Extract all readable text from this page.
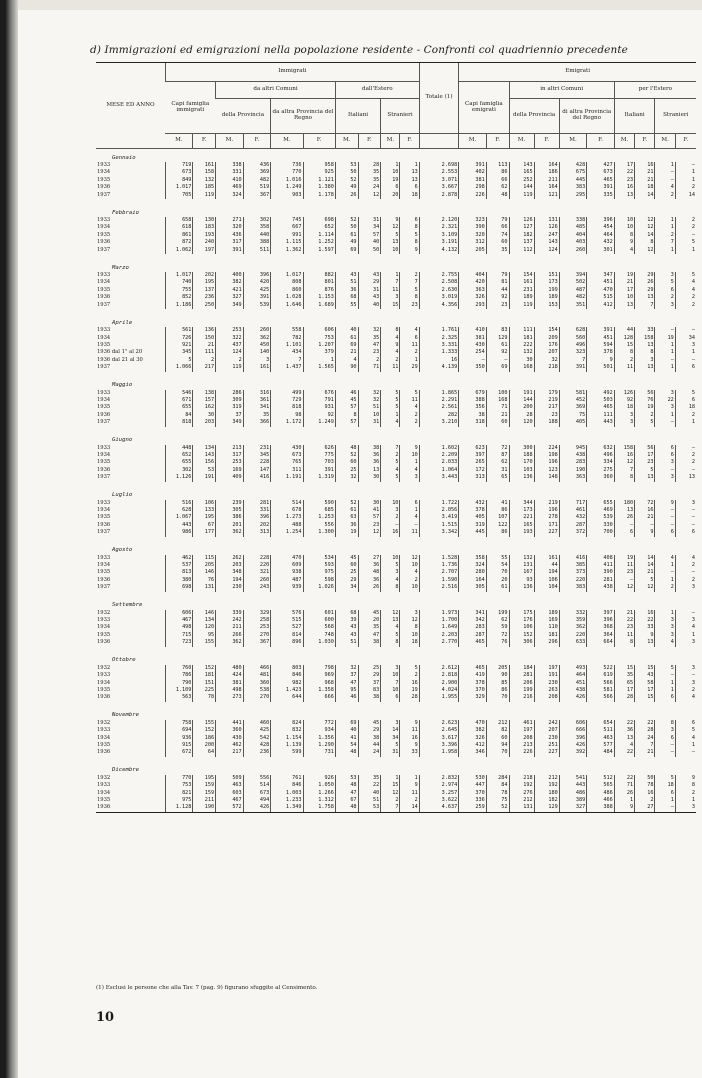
d) Immigrazioni ed emigrazioni nella popolazione residente - Confronti col quadriennio precedente
MESE ED ANNO	Immigrati										Totale (1)	Emigrati									
	Capi famiglia immigrati		da altri Comuni				dall'Estero					Capi famiglia emigrati		in altri Comuni				per l'Estero			
			della Provincia		da altra Provincia del Regno		Italiani		Stranieri					della Provincia		di altra Provincia del Regno		Italiani		Stranieri	
	M.	F.	M.	F.	M.	F.	M.	F.	M.	F.		M.	F.	M.	F.	M.	F.	M.	F.	M.	F.
Gennaio																					
1933	719	161	338	436	736	958	53	28	1	1	2.698	391	113	143	164	428	427	17	16	1	—
1934	673	158	331	369	770	925	50	35	10	13	2.553	402	86	165	186	675	673	22	21	—	1
1935	849	132	410	482	1.016	1.121	52	35	19	13	3.071	381	66	252	211	445	465	23	21	—	1
1936	1.017	185	469	519	1.249	1.380	49	24	6	6	3.667	298	62	144	164	383	391	16	18	4	2
1937	705	119	324	367	903	1.178	26	12	20	18	2.878	226	48	119	121	295	335	13	14	2	14

Febbraio																					
1933	658	130	271	302	745	698	52	31	9	6	2.120	323	79	126	131	338	396	10	12	1	2
1934	618	183	320	358	667	652	50	34	12	8	2.321	390	66	127	126	485	454	10	12	1	2
1935	861	193	436	440	991	1.114	61	57	5	5	3.109	320	74	182	247	404	464	8	14	2	—
1936	872	240	317	388	1.115	1.252	49	40	13	8	3.191	312	60	137	143	403	432	9	8	7	5
1937	1.062	197	391	511	1.362	1.597	69	50	10	9	4.132	205	35	112	124	260	301	4	12	1	1

Marzo																					
1933	1.017	202	400	396	1.017	882	43	43	1	2	2.755	404	79	154	151	394	347	19	29	3	5
1934	740	195	382	420	808	801	51	29	7	7	2.508	420	81	161	173	502	451	21	26	5	4
1935	755	137	421	425	860	876	36	31	11	5	2.630	363	44	231	199	487	470	17	29	6	4
1936	852	236	327	391	1.028	1.153	68	43	3	8	3.019	326	92	189	189	482	515	10	13	2	2
1937	1.186	250	349	539	1.646	1.689	55	40	15	23	4.356	293	23	119	153	351	412	13	7	3	2

Aprile																					
1933	561	136	253	260	558	606	40	32	8	4	1.761	410	83	111	154	628	391	44	33	—	—
1934	726	150	322	362	782	753	61	35	4	6	2.325	381	129	181	209	560	451	128	158	19	34
1935	921	21	437	450	1.101	1.207	69	47	9	11	3.331	430	61	222	176	496	594	15	13	1	3
1936 dal 1° al 20	345	111	124	140	434	379	21	23	4	2	1.333	254	92	132	207	323	378	8	8	1	1
1936 dal 21 al 30	5	2	2	3	7	1	4	2	2	1	16	—	—	30	32	7	9	2	3	—	—
1937	1.066	217	119	161	1.437	1.565	90	71	11	29	4.139	350	69	168	218	391	501	11	13	1	6

Maggio																					
1933	546	138	286	316	499	676	46	32	5	5	1.865	679	100	191	179	581	492	126	56	3	5
1934	671	157	309	361	729	791	45	32	5	11	2.291	388	168	144	219	452	503	92	76	22	6
1935	655	162	319	341	818	931	57	51	5	4	2.561	356	71	200	217	369	465	18	19	3	18
1936	84	30	37	35	98	92	8	10	1	2	282	38	21	28	23	75	111	3	2	1	2
1937	818	203	349	366	1.172	1.249	57	31	4	2	3.210	318	60	120	188	405	443	3	5	—	1

Giugno																					
1933	448	134	213	231	430	626	48	38	7	9	1.602	623	72	300	224	945	632	158	56	6	—
1934	652	143	317	345	673	775	52	36	2	10	2.209	397	87	188	198	438	496	16	17	6	2
1935	655	156	253	228	765	703	60	36	5	1	2.033	265	62	170	196	283	334	12	23	3	2
1936	302	53	169	147	311	391	25	13	4	4	1.064	172	31	103	123	190	275	7	5	—	—
1937	1.126	191	409	416	1.191	1.319	32	30	5	3	3.443	313	65	136	148	363	360	8	13	3	13

Luglio																					
1933	516	106	239	281	514	590	52	30	10	6	1.722	432	41	344	219	717	655	180	72	9	3
1934	628	133	305	331	678	685	61	41	3	1	2.056	378	86	173	196	461	469	13	16	—	—
1935	1.067	195	386	396	1.273	1.253	63	57	2	4	3.419	405	107	221	278	432	539	26	21	—	—
1936	443	67	201	202	488	556	36	23	—	—	1.515	319	122	165	171	287	330	—	—	—	—
1937	986	177	362	313	1.254	1.300	19	12	16	11	3.342	445	86	193	227	372	700	6	9	6	6

Agosto																					
1933	462	115	262	228	470	534	45	27	10	12	1.528	358	55	132	161	416	408	19	14	4	4
1934	537	205	203	220	609	593	60	36	5	10	1.736	324	54	131	44	385	411	11	14	1	2
1935	813	146	348	321	938	975	25	48	3	4	2.707	280	70	167	194	373	390	23	21	—	—
1936	380	76	194	260	487	598	29	36	4	2	1.590	164	20	93	106	220	281	—	5	1	2
1937	698	131	230	243	939	1.026	34	26	8	10	2.516	305	61	136	104	383	438	12	12	2	3

Settembre																					
1932	606	146	339	329	576	601	68	45	12	3	1.973	341	199	175	189	332	397	21	16	1	—
1933	467	134	242	258	515	600	39	20	13	12	1.700	342	62	176	169	359	396	22	22	3	3
1934	498	120	211	253	527	568	43	35	4	8	1.649	283	59	106	110	362	368	23	33	3	4
1935	715	95	266	270	814	748	43	47	5	10	2.203	287	72	152	181	220	364	11	9	3	1
1936	723	155	362	367	896	1.030	51	38	8	18	2.770	465	76	306	296	633	664	8	13	4	3

Ottobre																					
1932	760	152	480	466	803	798	32	25	3	5	2.612	465	205	184	197	493	522	15	15	5	3
1933	786	181	424	481	846	969	37	29	10	2	2.818	419	90	281	191	464	619	35	43	—	—
1934	790	151	381	360	982	968	47	37	7	16	2.900	378	85	206	230	451	566	65	58	1	3
1935	1.109	225	498	538	1.423	1.358	95	83	10	19	4.024	370	86	199	263	438	581	17	17	1	2
1936	563	78	273	270	644	666	46	38	6	28	1.955	329	70	216	208	426	566	28	15	6	4

Novembre																					
1932	758	155	441	460	824	772	69	45	3	9	2.623	470	212	461	242	606	654	22	22	8	6
1933	694	152	360	425	832	934	40	29	14	11	2.645	382	82	197	207	666	511	36	28	3	5
1934	936	186	430	542	1.154	1.356	41	38	34	16	3.617	326	60	208	230	396	463	13	24	6	4
1935	915	200	462	428	1.139	1.290	54	44	5	9	3.396	412	94	213	251	426	577	4	7	—	1
1936	672	64	217	236	599	731	48	24	31	33	1.958	346	70	226	227	392	484	22	21	—	—

Dicembre																					
1932	770	195	509	556	761	926	53	35	1	1	2.832	530	284	218	212	541	512	22	50	5	9
1933	753	159	463	514	846	1.050	48	22	15	9	2.974	447	84	192	192	443	565	71	78	18	8
1934	821	159	603	673	1.003	1.266	47	40	12	11	3.257	370	78	276	180	486	486	26	16	6	2
1935	975	211	467	494	1.233	1.312	67	51	2	2	3.622	336	75	212	182	389	466	1	2	1	1
1936	1.128	190	572	426	1.349	1.758	48	53	7	14	4.637	259	52	131	129	327	388	9	27	—	3

(1) Esclusi le persone che alla Tav. 7 (pag. 9) figurano sfuggite al Censimento.
10
